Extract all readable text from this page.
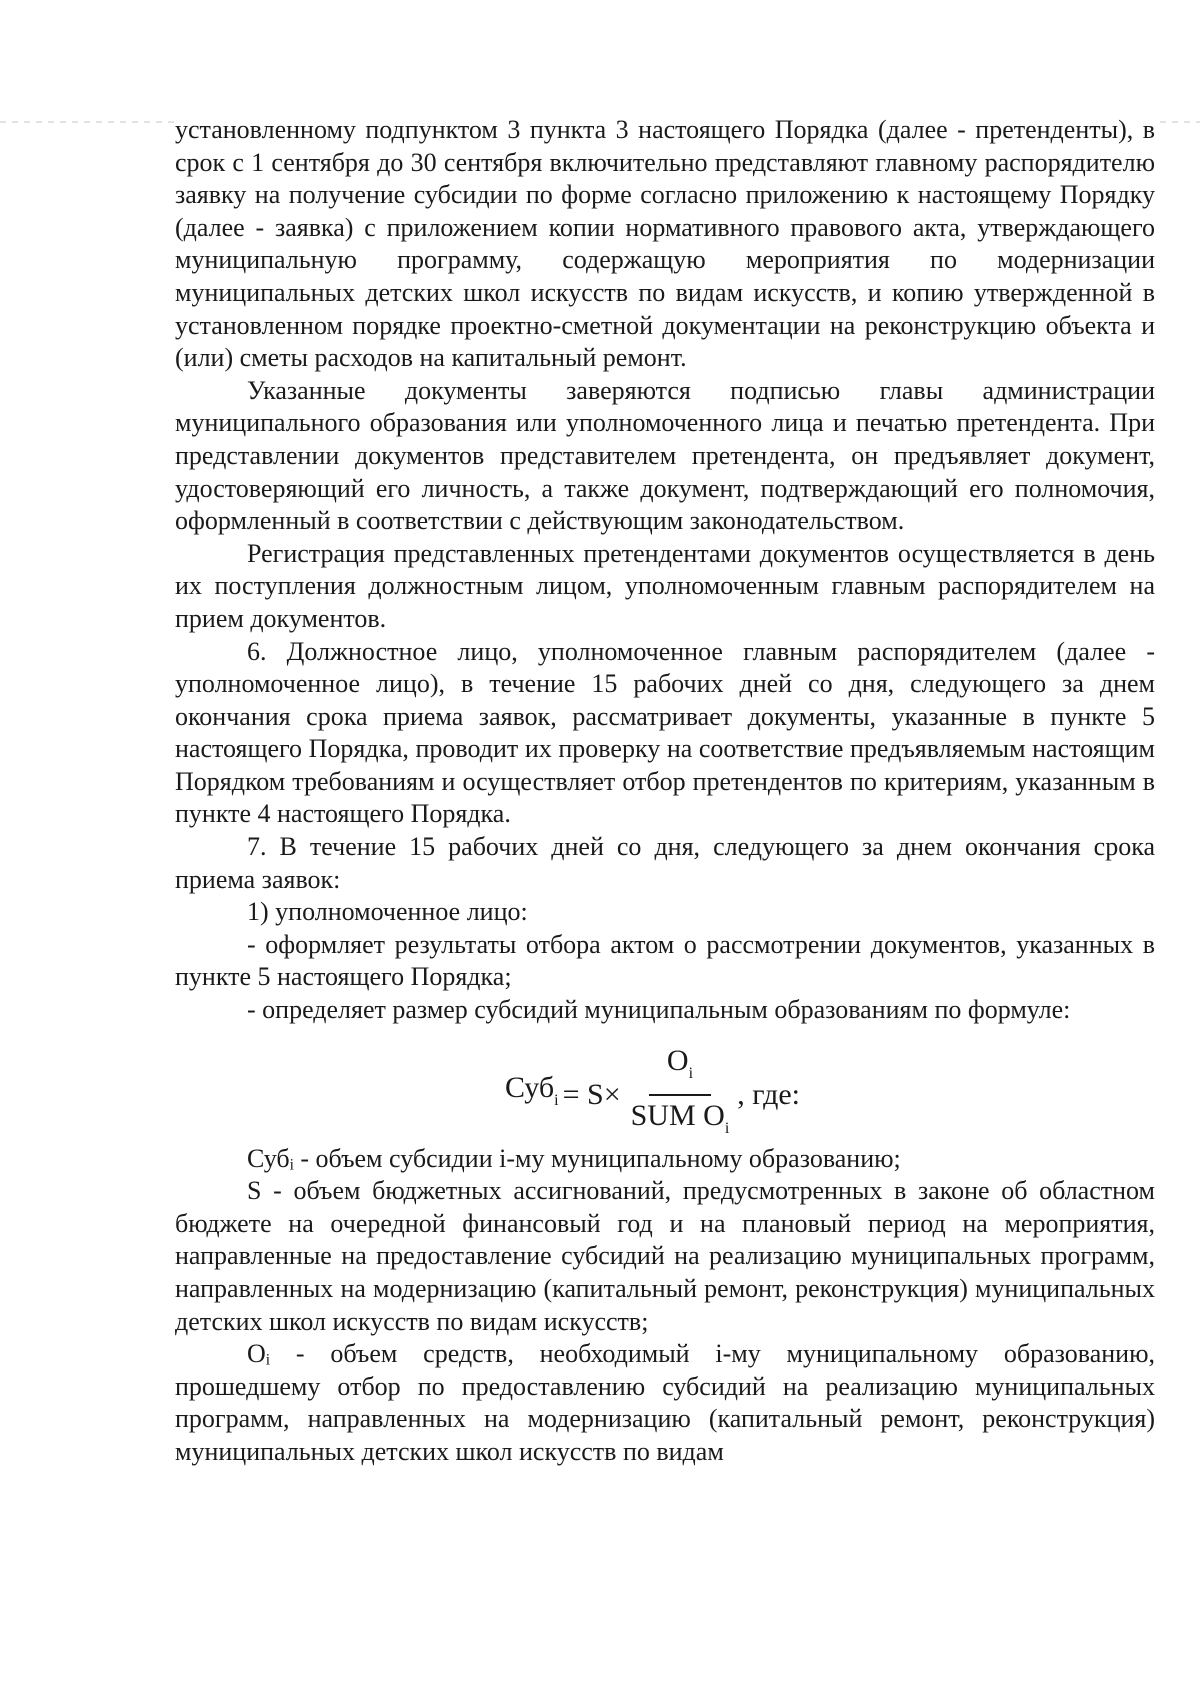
установленному подпунктом 3 пункта 3 настоящего Порядка (далее - претенденты), в срок с 1 сентября до 30 сентября включительно представляют главному распорядителю заявку на получение субсидии по форме согласно приложению к настоящему Порядку (далее - заявка) с приложением копии нормативного правового акта, утверждающего муниципальную программу, содержащую мероприятия по модернизации муниципальных детских школ искусств по видам искусств, и копию утвержденной в установленном порядке проектно-сметной документации на реконструкцию объекта и (или) сметы расходов на капитальный ремонт.

Указанные документы заверяются подписью главы администрации муниципального образования или уполномоченного лица и печатью претендента. При представлении документов представителем претендента, он предъявляет документ, удостоверяющий его личность, а также документ, подтверждающий его полномочия, оформленный в соответствии с действующим законодательством.

Регистрация представленных претендентами документов осуществляется в день их поступления должностным лицом, уполномоченным главным распорядителем на прием документов.

6. Должностное лицо, уполномоченное главным распорядителем (далее - уполномоченное лицо), в течение 15 рабочих дней со дня, следующего за днем окончания срока приема заявок, рассматривает документы, указанные в пункте 5 настоящего Порядка, проводит их проверку на соответствие предъявляемым настоящим Порядком требованиям и осуществляет отбор претендентов по критериям, указанным в пункте 4 настоящего Порядка.

7. В течение 15 рабочих дней со дня, следующего за днем окончания срока приема заявок:

1) уполномоченное лицо:

- оформляет результаты отбора актом о рассмотрении документов, указанных в пункте 5 настоящего Порядка;

- определяет размер субсидий муниципальным образованиям по формуле:

$Суб_i = S\times \frac{O_i}{SUM O_i}$ , где:

Субᵢ - объем субсидии i-му муниципальному образованию;

S - объем бюджетных ассигнований, предусмотренных в законе об областном бюджете на очередной финансовый год и на плановый период на мероприятия, направленные на предоставление субсидий на реализацию муниципальных программ, направленных на модернизацию (капитальный ремонт, реконструкция) муниципальных детских школ искусств по видам искусств;

Oᵢ - объем средств, необходимый i-му муниципальному образованию, прошедшему отбор по предоставлению субсидий на реализацию муниципальных программ, направленных на модернизацию (капитальный ремонт, реконструкция) муниципальных детских школ искусств по видам
